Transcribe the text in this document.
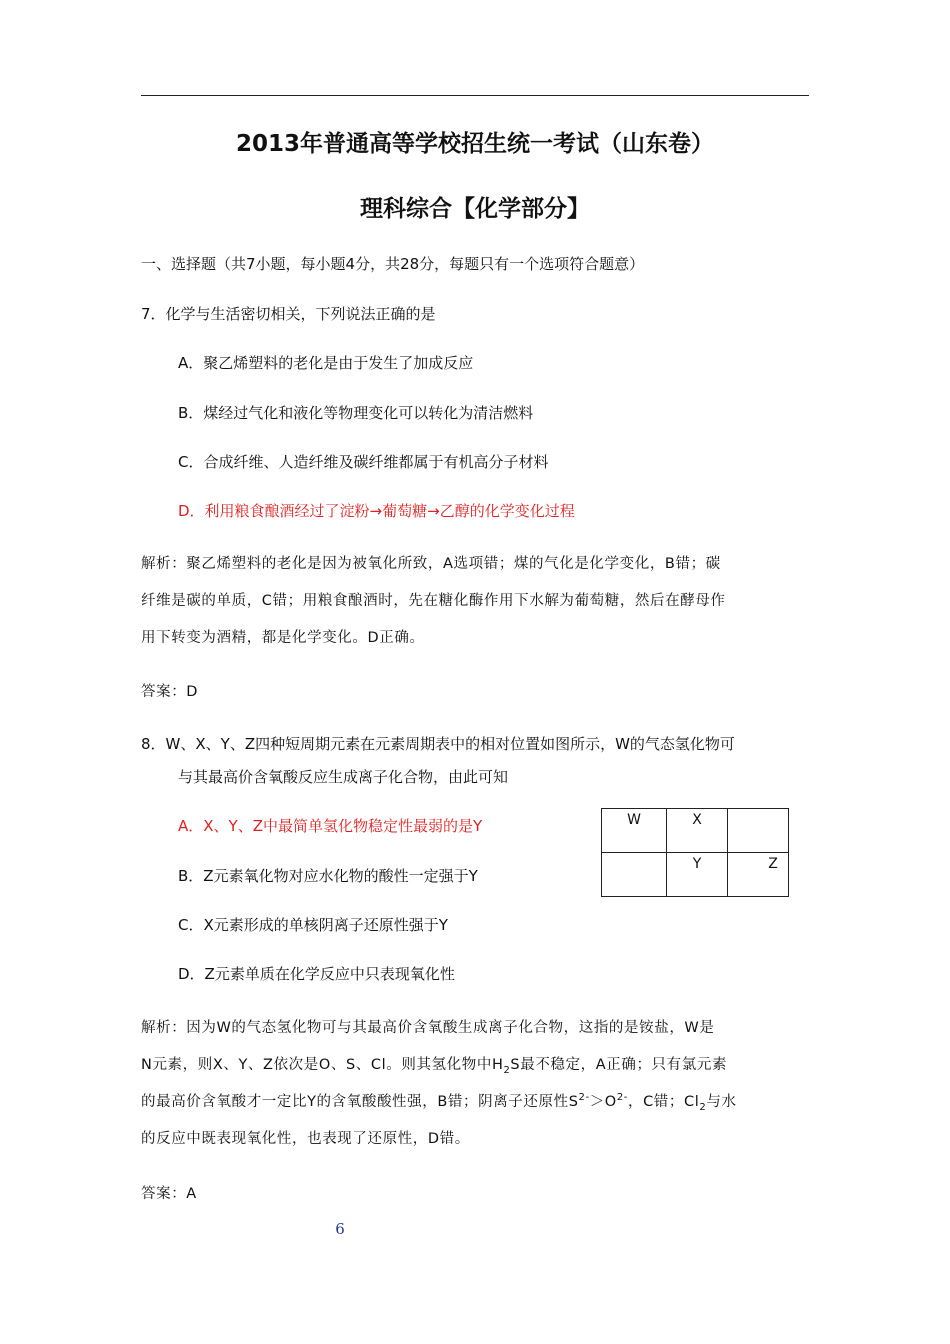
2013年普通高等学校招生统一考试（山东卷）
理科综合【化学部分】
一、选择题（共7小题，每小题4分，共28分，每题只有一个选项符合题意）
7．化学与生活密切相关，下列说法正确的是
A．聚乙烯塑料的老化是由于发生了加成反应
B．煤经过气化和液化等物理变化可以转化为清洁燃料
C．合成纤维、人造纤维及碳纤维都属于有机高分子材料
D．利用粮食酿酒经过了淀粉→葡萄糖→乙醇的化学变化过程
解析：聚乙烯塑料的老化是因为被氧化所致，A选项错；煤的气化是化学变化，B错；碳
纤维是碳的单质，C错；用粮食酿酒时，先在糖化酶作用下水解为葡萄糖，然后在酵母作
用下转变为酒精，都是化学变化。D正确。
答案：D
8．W、X、Y、Z四种短周期元素在元素周期表中的相对位置如图所示，W的气态氢化物可
与其最高价含氧酸反应生成离子化合物，由此可知
A．X、Y、Z中最简单氢化物稳定性最弱的是Y
B．Z元素氧化物对应水化物的酸性一定强于Y
C．X元素形成的单核阴离子还原性强于Y
D．Z元素单质在化学反应中只表现氧化性
W	X	

	Y	Z
解析：因为W的气态氢化物可与其最高价含氧酸生成离子化合物，这指的是铵盐，W是
N元素，则X、Y、Z依次是O、S、Cl。则其氢化物中$H_2S$最不稳定，A正确；只有氯元素
的最高价含氧酸才一定比Y的含氧酸酸性强，B错；阴离子还原性$S^{2-}>O^{2-}$，C错；$Cl_2$与水
的反应中既表现氧化性，也表现了还原性，D错。
答案：A
6
